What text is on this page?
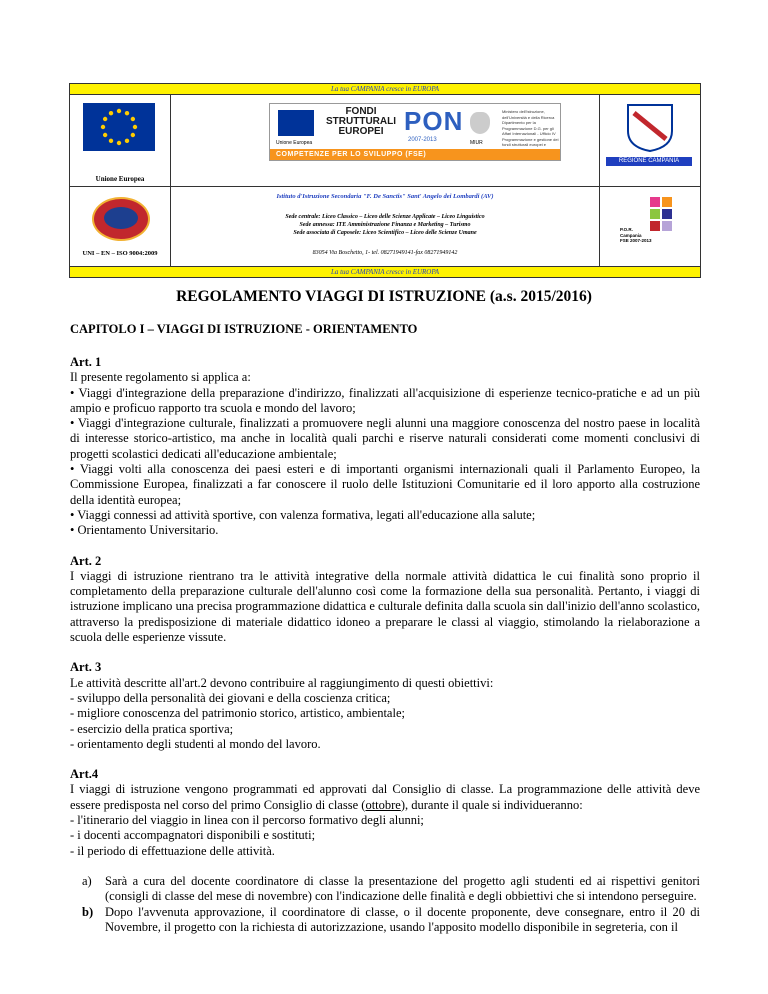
La tua CAMPANIA cresce in EUROPA
Unione Europea
Unione Europea
FONDI
STRUTTURALI
EUROPEI PON
2007-2013	MIUR
Ministero dell'Istruzione, dell'Università e della Ricerca Dipartimento per la Programmazione D.G. per gli Affari Internazionali - Ufficio IV Programmazione e gestione dei fondi strutturali europei e
COMPETENZE PER LO SVILUPPO (FSE)
REGIONE CAMPANIA
UNI – EN – ISO 9004:2009
Istituto d'Istruzione Secondaria "F. De Sanctis" Sant' Angelo dei Lombardi (AV)
Sede centrale: Liceo Classico – Liceo delle Scienze Applicate – Liceo Linguistico
Sede annessa: ITE Amministrazione Finanza e Marketing – Turismo
Sede associata di Caposele: Liceo Scientifico – Liceo delle Scienze Umane
83054 Via Boschetto, 1- tel. 08271949141-fax 08271949142
P.O.R.
Campania
FSE 2007-2013
La tua CAMPANIA cresce in EUROPA
REGOLAMENTO VIAGGI DI ISTRUZIONE (a.s. 2015/2016)
CAPITOLO I – VIAGGI DI ISTRUZIONE - ORIENTAMENTO
Art. 1
Il presente regolamento si applica a:
• Viaggi d'integrazione della preparazione d'indirizzo, finalizzati all'acquisizione di esperienze tecnico-pratiche e ad un più ampio e proficuo rapporto tra scuola e mondo del lavoro;
• Viaggi d'integrazione culturale, finalizzati a promuovere negli alunni una maggiore conoscenza del nostro paese in località di interesse storico-artistico, ma anche in località quali parchi e riserve naturali considerati come momenti conclusivi di progetti scolastici dedicati all'educazione ambientale;
• Viaggi volti alla conoscenza dei paesi esteri e di importanti organismi internazionali quali il Parlamento Europeo, la Commissione Europea, finalizzati a far conoscere il ruolo delle Istituzioni Comunitarie ed il loro apporto alla costruzione della identità europea;
• Viaggi connessi ad attività sportive, con valenza formativa, legati all'educazione alla salute;
• Orientamento Universitario.
Art. 2
I viaggi di istruzione rientrano tra le attività integrative della normale attività didattica le cui finalità sono proprio il completamento della preparazione culturale dell'alunno così come la formazione della sua personalità. Pertanto, i viaggi di istruzione implicano una precisa programmazione didattica e culturale definita dalla scuola sin dall'inizio dell'anno scolastico, attraverso la predisposizione di materiale didattico idoneo a preparare le classi al viaggio, stimolando la rielaborazione a scuola delle esperienze vissute.
Art. 3
Le attività descritte all'art.2 devono contribuire al raggiungimento di questi obiettivi:
- sviluppo della personalità dei giovani e della coscienza critica;
- migliore conoscenza del patrimonio storico, artistico, ambientale;
- esercizio della pratica sportiva;
- orientamento degli studenti al mondo del lavoro.
Art.4
I viaggi di istruzione vengono programmati ed approvati dal Consiglio di classe. La programmazione delle attività deve essere predisposta nel corso del primo Consiglio di classe (ottobre), durante il quale si individueranno:
- l'itinerario del viaggio in linea con il percorso formativo degli alunni;
- i docenti accompagnatori disponibili e sostituti;
- il periodo di effettuazione delle attività.
a) Sarà a cura del docente coordinatore di classe la presentazione del progetto agli studenti ed ai rispettivi genitori (consigli di classe del mese di novembre) con l'indicazione delle finalità e degli obbiettivi che si intendono perseguire.
b) Dopo l'avvenuta approvazione, il coordinatore di classe, o il docente proponente, deve consegnare, entro il 20 di Novembre, il progetto con la richiesta di autorizzazione, usando l'apposito modello disponibile in segreteria, con il
